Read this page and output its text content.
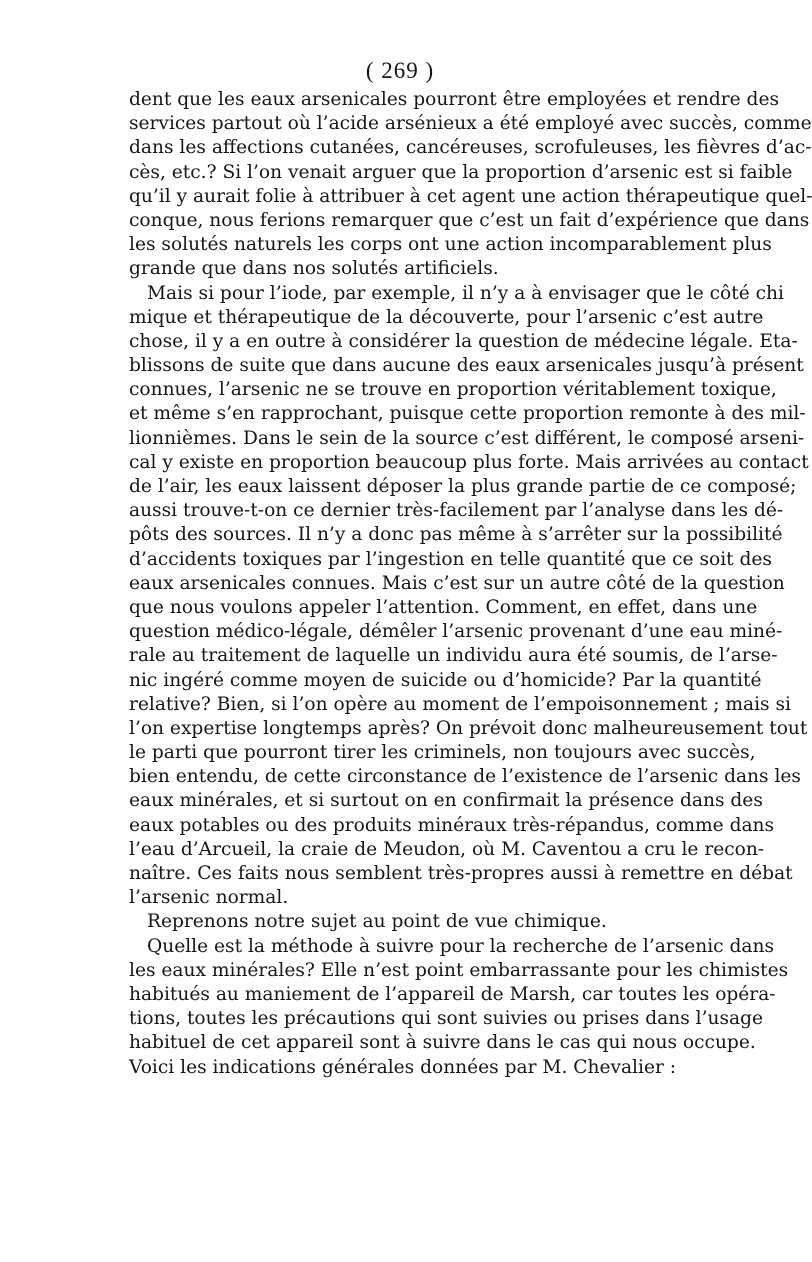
( 269 )
dent que les eaux arsenicales pourront être employées et rendre des
services partout où l’acide arsénieux a été employé avec succès, comme
dans les affections cutanées, cancéreuses, scrofuleuses, les fièvres d’ac-
cès, etc.? Si l’on venait arguer que la proportion d’arsenic est si faible
qu’il y aurait folie à attribuer à cet agent une action thérapeutique quel-
conque, nous ferions remarquer que c’est un fait d’expérience que dans
les solutés naturels les corps ont une action incomparablement plus
grande que dans nos solutés artificiels.
Mais si pour l’iode, par exemple, il n’y a à envisager que le côté chi
mique et thérapeutique de la découverte, pour l’arsenic c’est autre
chose, il y a en outre à considérer la question de médecine légale. Eta-
blissons de suite que dans aucune des eaux arsenicales jusqu’à présent
connues, l’arsenic ne se trouve en proportion véritablement toxique,
et même s’en rapprochant, puisque cette proportion remonte à des mil-
lionnièmes. Dans le sein de la source c’est différent, le composé arseni-
cal y existe en proportion beaucoup plus forte. Mais arrivées au contact
de l’air, les eaux laissent déposer la plus grande partie de ce composé;
aussi trouve-t-on ce dernier très-facilement par l’analyse dans les dé-
pôts des sources. Il n’y a donc pas même à s’arrêter sur la possibilité
d’accidents toxiques par l’ingestion en telle quantité que ce soit des
eaux arsenicales connues. Mais c’est sur un autre côté de la question
que nous voulons appeler l’attention. Comment, en effet, dans une
question médico-légale, démêler l’arsenic provenant d’une eau miné-
rale au traitement de laquelle un individu aura été soumis, de l’arse-
nic ingéré comme moyen de suicide ou d’homicide? Par la quantité
relative? Bien, si l’on opère au moment de l’empoisonnement ; mais si
l’on expertise longtemps après? On prévoit donc malheureusement tout
le parti que pourront tirer les criminels, non toujours avec succès,
bien entendu, de cette circonstance de l’existence de l’arsenic dans les
eaux minérales, et si surtout on en confirmait la présence dans des
eaux potables ou des produits minéraux très-répandus, comme dans
l’eau d’Arcueil, la craie de Meudon, où M. Caventou a cru le recon-
naître. Ces faits nous semblent très-propres aussi à remettre en débat
l’arsenic normal.
Reprenons notre sujet au point de vue chimique.
Quelle est la méthode à suivre pour la recherche de l’arsenic dans
les eaux minérales? Elle n’est point embarrassante pour les chimistes
habitués au maniement de l’appareil de Marsh, car toutes les opéra-
tions, toutes les précautions qui sont suivies ou prises dans l’usage
habituel de cet appareil sont à suivre dans le cas qui nous occupe.
Voici les indications générales données par M. Chevalier :
